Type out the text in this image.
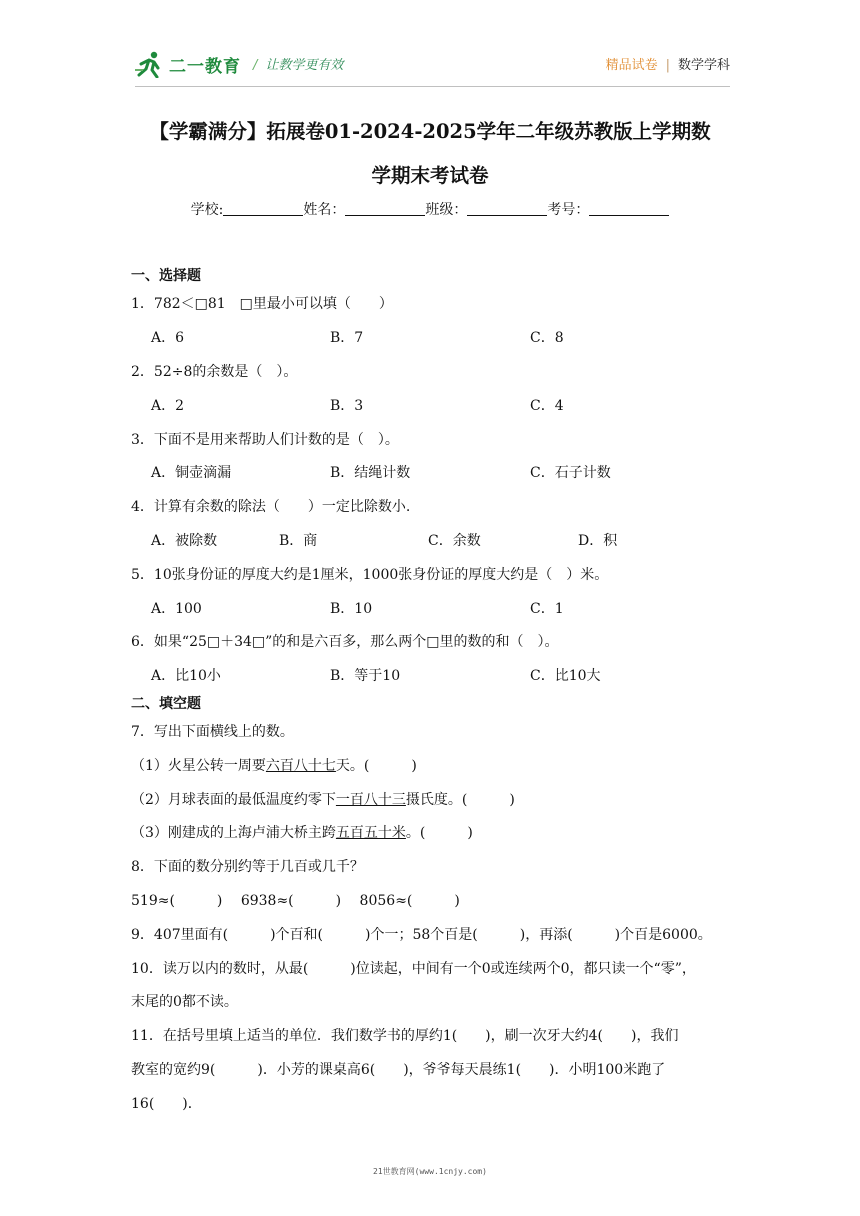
二一教育 / 让教学更有效	精品试卷 | 数学学科
【学霸满分】拓展卷01-2024-2025学年二年级苏教版上学期数
学期末考试卷
学校:	姓名：	班级：	考号：
一、选择题
1．782＜□81　□里最小可以填（　　）
A．6	B．7	C．8
2．52÷8的余数是（　）。
A．2	B．3	C．4
3．下面不是用来帮助人们计数的是（　）。
A．铜壶滴漏	B．结绳计数	C．石子计数
4．计算有余数的除法（　　）一定比除数小.
A．被除数	B．商	C．余数	D．积
5．10张身份证的厚度大约是1厘米，1000张身份证的厚度大约是（　）米。
A．100	B．10	C．1
6．如果“25□＋34□”的和是六百多，那么两个□里的数的和（　）。
A．比10小	B．等于10	C．比10大
二、填空题
7．写出下面横线上的数。
（1）火星公转一周要六百八十七天。(　　　)
（2）月球表面的最低温度约零下一百八十三摄氏度。(　　　)
（3）刚建成的上海卢浦大桥主跨五百五十米。(　　　)
8．下面的数分别约等于几百或几千？
519≈(　　　)　 6938≈(　　　)　 8056≈(　　　)
9．407里面有(　　　)个百和(　　　)个一；58个百是(　　　)，再添(　　　)个百是6000。
10．读万以内的数时，从最(　　　)位读起，中间有一个0或连续两个0，都只读一个“零”，
末尾的0都不读。
11．在括号里填上适当的单位．我们数学书的厚约1(　　)，刷一次牙大约4(　　)，我们
教室的宽约9(　　　)．小芳的课桌高6(　　)，爷爷每天晨练1(　　)．小明100米跑了
16(　　)．
21世教育网(www.1cnjy.com)
